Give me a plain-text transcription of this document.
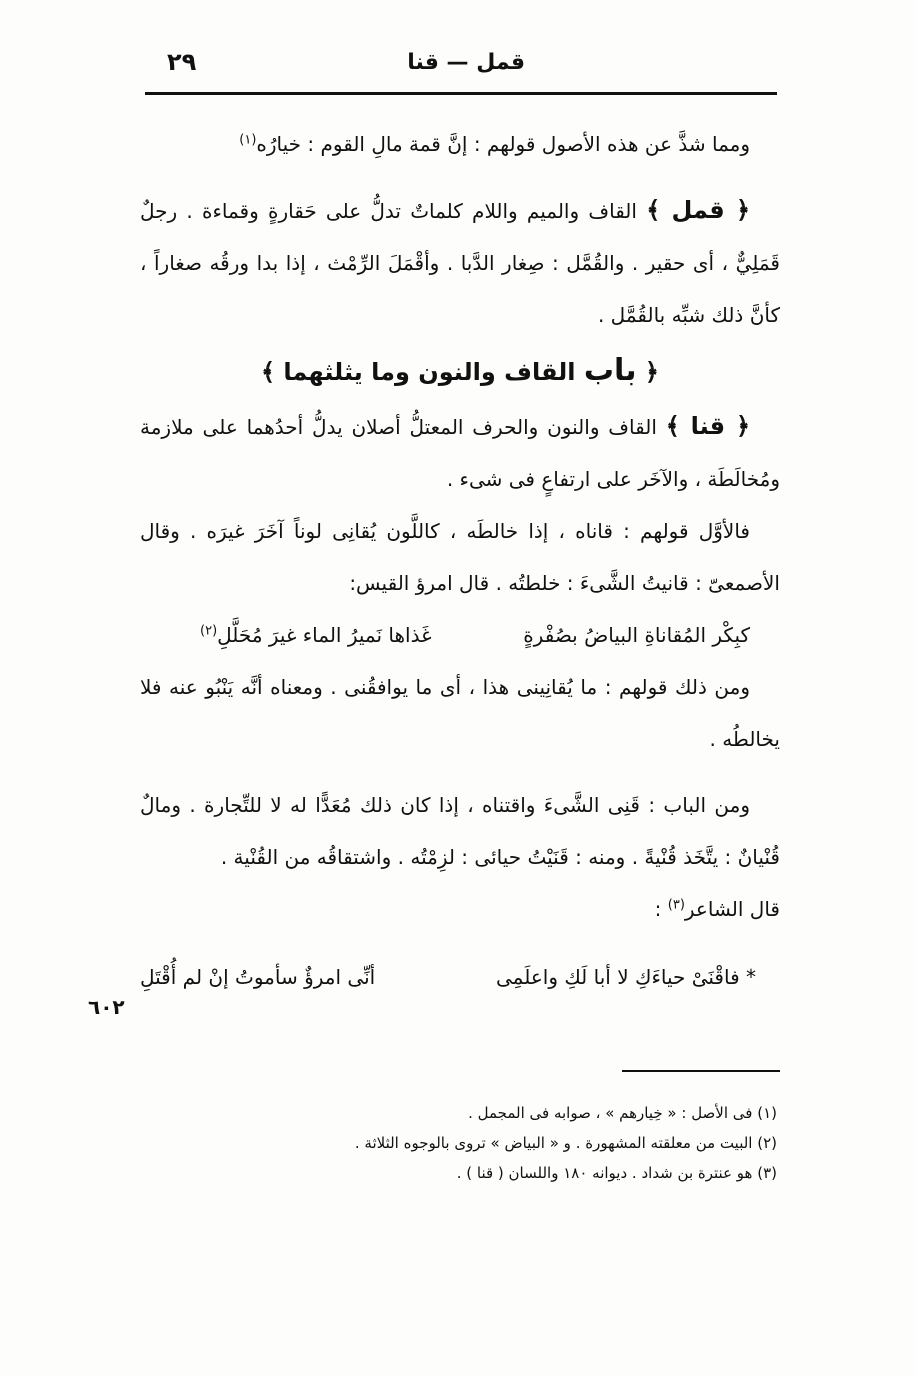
قمل — قنا
٢٩

ومما شذَّ عن هذه الأصول قولهم : إنَّ قمة مالِ القوم : خيارُه$^{(١)}$

﴿ قمل ﴾ القاف والميم واللام كلماتٌ تدلُّ على حَقارةٍ وقماءة . رجلٌ قَمَلِيٌّ ، أى حقير . والقُمَّل : صِغار الدَّبا . وأقْمَلَ الرِّمْث ، إذا بدا ورقُه صغاراً ، كأنَّ ذلك شبِّه بالقُمَّل .

﴿ باب القاف والنون وما يثلثهما ﴾

﴿ قنا ﴾ القاف والنون والحرف المعتلُّ أصلان يدلُّ أحدُهما على ملازمة ومُخالَطَة ، والآخَر على ارتفاعٍ فى شىء .

فالأوَّل قولهم : قاناه ، إذا خالطَه ، كاللَّون يُقانِى لوناً آخَرَ غيرَه . وقال الأصمعىّ : قانيتُ الشَّىءَ : خلطتُه . قال امرؤ القيس:

كبِكْر المُقاناةِ البياضُ بصُفْرةٍ
غَذاها نَميرُ الماء غيرَ مُحَلَّلِ$^{(٢)}$

ومن ذلك قولهم : ما يُقانِينى هذا ، أى ما يوافقُنى . ومعناه أنَّه يَنْبُو عنه فلا يخالطُه .

ومن الباب : قَنِى الشَّىءَ واقتناه ، إذا كان ذلك مُعَدًّا له لا للتِّجارة . ومالٌ قُنْيانٌ : يتَّخَذ قُنْيةً . ومنه : قَنَيْتُ حيائى : لزِمْتُه . واشتقاقُه من القُنْية .

قال الشاعر$^{(٣)}$ :

* فاقْنَىْ حياءَكِ لا أبا لَكِ واعلَمِى
أنِّى امرؤٌ سأموتُ إنْ لم أُقْتَلِ
٦٠٢

(١) فى الأصل : « خِيارهم » ، صوابه فى المجمل .

(٢) البيت من معلقته المشهورة . و « البياض » تروى بالوجوه الثلاثة .

(٣) هو عنترة بن شداد . ديوانه ١٨٠ واللسان ( قنا ) .
